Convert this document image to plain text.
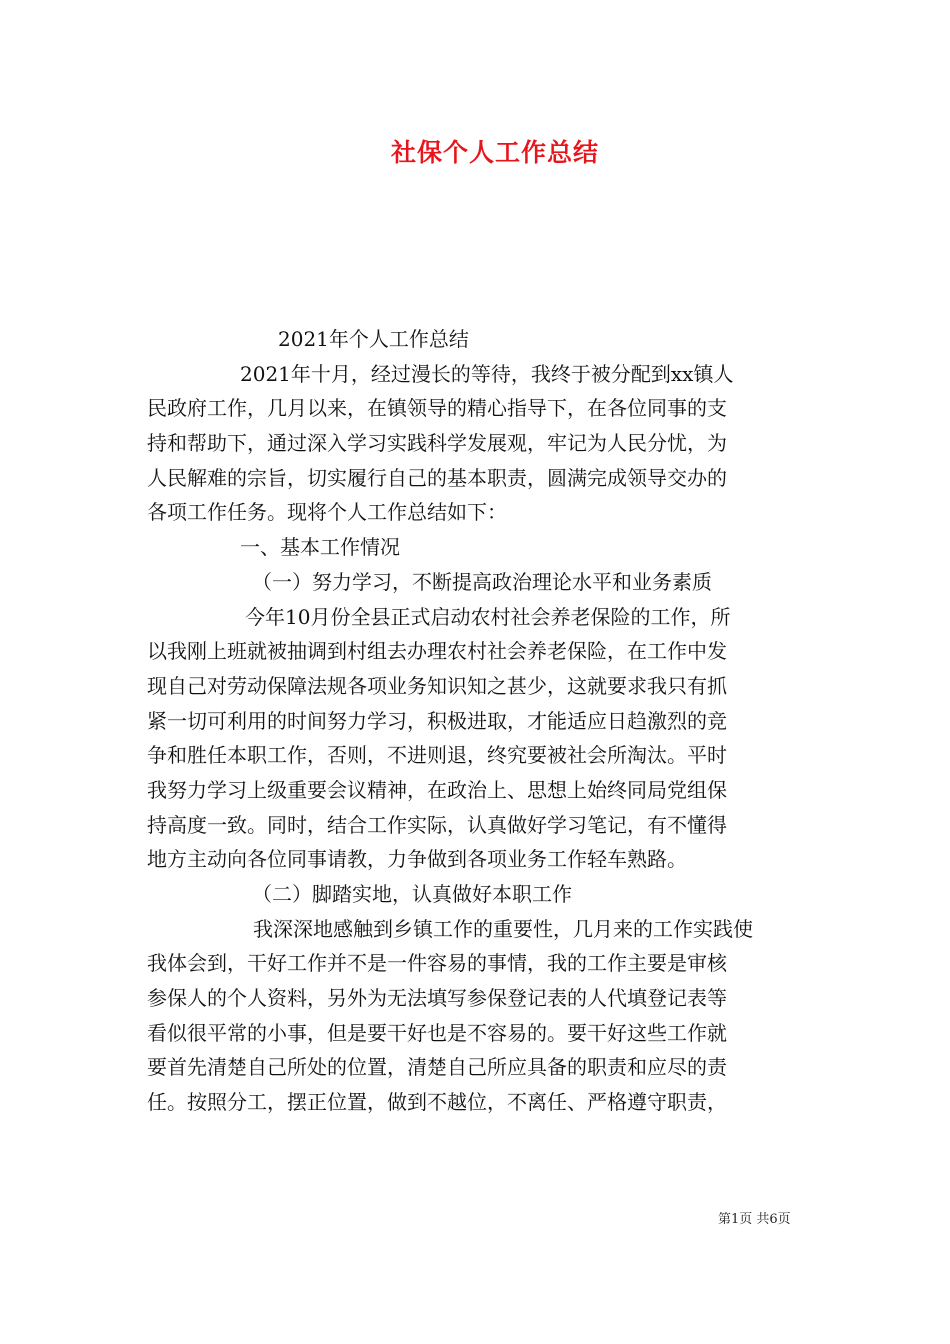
社保个人工作总结
2021年个人工作总结
2021年十月，经过漫长的等待，我终于被分配到xx镇人
民政府工作，几月以来，在镇领导的精心指导下，在各位同事的支
持和帮助下，通过深入学习实践科学发展观，牢记为人民分忧，为
人民解难的宗旨，切实履行自己的基本职责，圆满完成领导交办的
各项工作任务。现将个人工作总结如下：
一、基本工作情况
（一）努力学习，不断提高政治理论水平和业务素质
今年10月份全县正式启动农村社会养老保险的工作，所
以我刚上班就被抽调到村组去办理农村社会养老保险，在工作中发
现自己对劳动保障法规各项业务知识知之甚少，这就要求我只有抓
紧一切可利用的时间努力学习，积极进取，才能适应日趋激烈的竞
争和胜任本职工作，否则，不进则退，终究要被社会所淘汰。平时
我努力学习上级重要会议精神，在政治上、思想上始终同局党组保
持高度一致。同时，结合工作实际，认真做好学习笔记，有不懂得
地方主动向各位同事请教，力争做到各项业务工作轻车熟路。
（二）脚踏实地，认真做好本职工作
我深深地感触到乡镇工作的重要性，几月来的工作实践使
我体会到，干好工作并不是一件容易的事情，我的工作主要是审核
参保人的个人资料，另外为无法填写参保登记表的人代填登记表等
看似很平常的小事，但是要干好也是不容易的。要干好这些工作就
要首先清楚自己所处的位置，清楚自己所应具备的职责和应尽的责
任。按照分工，摆正位置，做到不越位，不离任、严格遵守职责，
第1页 共6页
